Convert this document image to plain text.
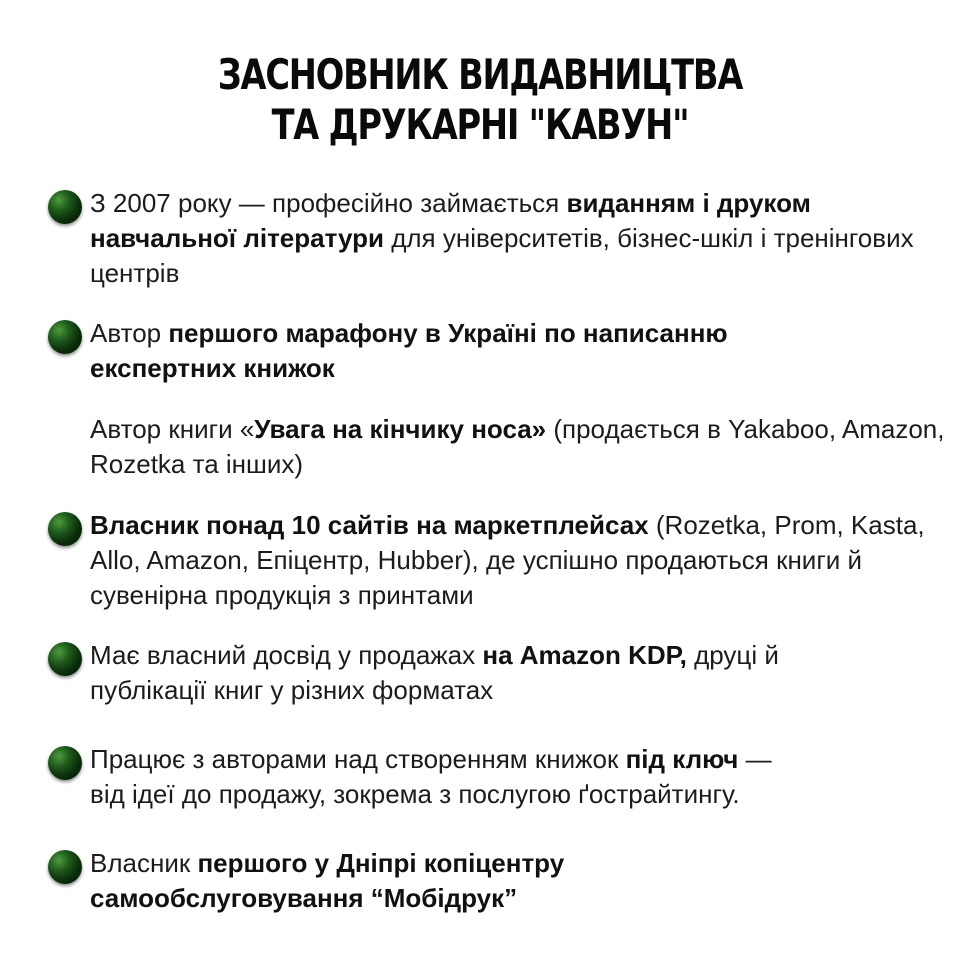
ЗАСНОВНИК ВИДАВНИЦТВА
ТА ДРУКАРНІ "КАВУН"
З 2007 року — професійно займається виданням і друком навчальної літератури для університетів, бізнес-шкіл і тренінгових центрів
Автор першого марафону в Україні по написанню експертних книжок
Автор книги «Увага на кінчику носа» (продається в Yakaboo, Amazon, Rozetka та інших)
Власник понад 10 сайтів на маркетплейсах (Rozetka, Prom, Kasta, Allo, Amazon, Епіцентр, Hubber), де успішно продаються книги й сувенірна продукція з принтами
Має власний досвід у продажах на Amazon KDP, друці й публікації книг у різних форматах
Працює з авторами над створенням книжок під ключ —
від ідеї до продажу, зокрема з послугою ґострайтингу.
Власник першого у Дніпрі копіцентру самообслуговування “Мобідрук”
